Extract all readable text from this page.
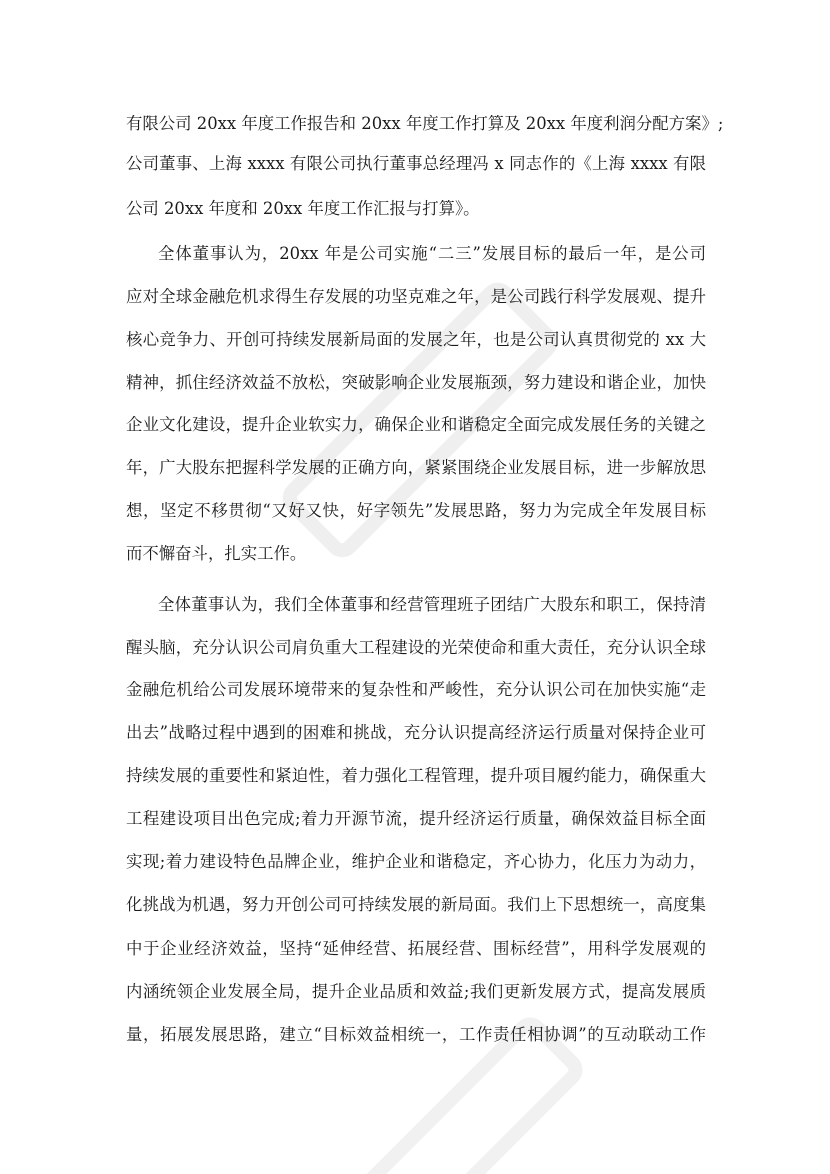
有限公司 20xx 年度工作报告和 20xx 年度工作打算及 20xx 年度利润分配方案》;
公司董事、上海 xxxx 有限公司执行董事总经理冯 x 同志作的《上海 xxxx 有限
公司 20xx 年度和 20xx 年度工作汇报与打算》。
全体董事认为，20xx 年是公司实施“二三”发展目标的最后一年，是公司
应对全球金融危机求得生存发展的功坚克难之年，是公司践行科学发展观、提升
核心竞争力、开创可持续发展新局面的发展之年，也是公司认真贯彻党的 xx 大
精神，抓住经济效益不放松，突破影响企业发展瓶颈，努力建设和谐企业，加快
企业文化建设，提升企业软实力，确保企业和谐稳定全面完成发展任务的关键之
年，广大股东把握科学发展的正确方向，紧紧围绕企业发展目标，进一步解放思
想，坚定不移贯彻“又好又快，好字领先”发展思路，努力为完成全年发展目标
而不懈奋斗，扎实工作。
全体董事认为，我们全体董事和经营管理班子团结广大股东和职工，保持清
醒头脑，充分认识公司肩负重大工程建设的光荣使命和重大责任，充分认识全球
金融危机给公司发展环境带来的复杂性和严峻性，充分认识公司在加快实施“走
出去”战略过程中遇到的困难和挑战，充分认识提高经济运行质量对保持企业可
持续发展的重要性和紧迫性，着力强化工程管理，提升项目履约能力，确保重大
工程建设项目出色完成;着力开源节流，提升经济运行质量，确保效益目标全面
实现;着力建设特色品牌企业，维护企业和谐稳定，齐心协力，化压力为动力，
化挑战为机遇，努力开创公司可持续发展的新局面。我们上下思想统一，高度集
中于企业经济效益，坚持“延伸经营、拓展经营、围标经营”，用科学发展观的
内涵统领企业发展全局，提升企业品质和效益;我们更新发展方式，提高发展质
量，拓展发展思路，建立“目标效益相统一，工作责任相协调”的互动联动工作
